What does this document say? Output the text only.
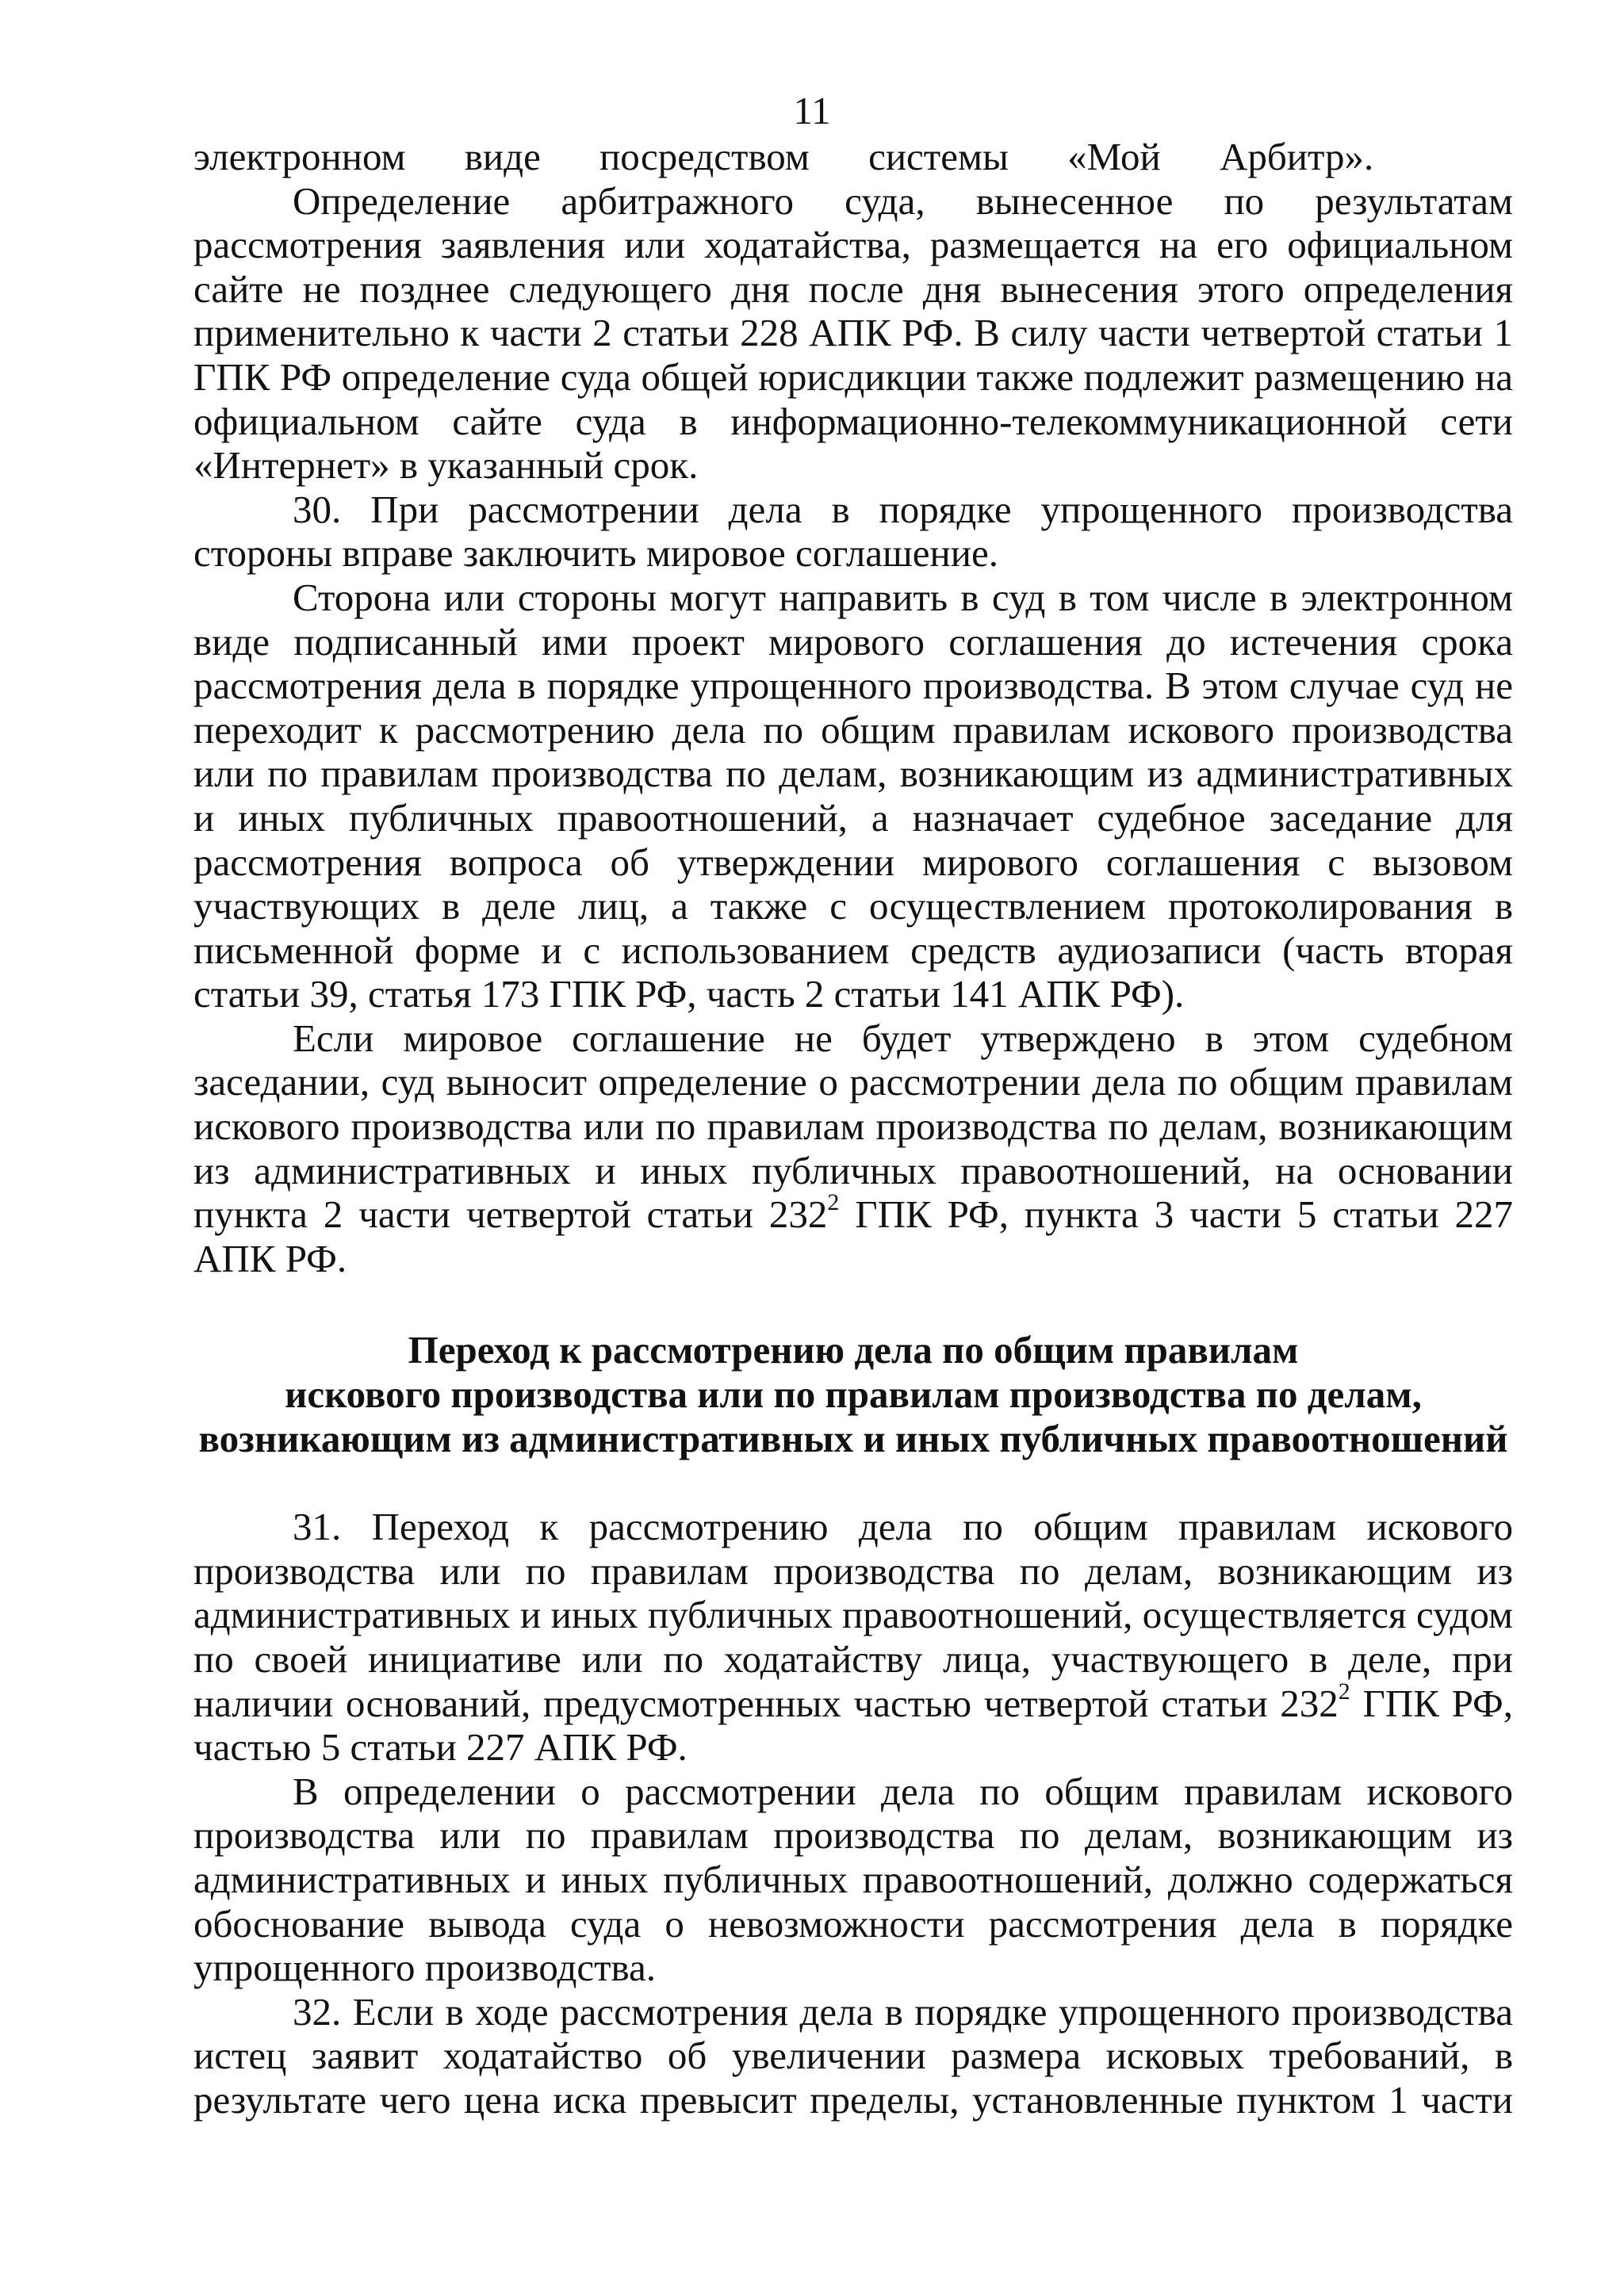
11

электронном виде посредством системы «Мой Арбитр».

Определение арбитражного суда, вынесенное по результатам рассмотрения заявления или ходатайства, размещается на его официальном сайте не позднее следующего дня после дня вынесения этого определения применительно к части 2 статьи 228 АПК РФ. В силу части четвертой статьи 1 ГПК РФ определение суда общей юрисдикции также подлежит размещению на официальном сайте суда в информационно-телекоммуникационной сети «Интернет» в указанный срок.

30. При рассмотрении дела в порядке упрощенного производства стороны вправе заключить мировое соглашение.

Сторона или стороны могут направить в суд в том числе в электронном виде подписанный ими проект мирового соглашения до истечения срока рассмотрения дела в порядке упрощенного производства. В этом случае суд не переходит к рассмотрению дела по общим правилам искового производства или по правилам производства по делам, возникающим из административных и иных публичных правоотношений, а назначает судебное заседание для рассмотрения вопроса об утверждении мирового соглашения с вызовом участвующих в деле лиц, а также с осуществлением протоколирования в письменной форме и с использованием средств аудиозаписи (часть вторая статьи 39, статья 173 ГПК РФ, часть 2 статьи 141 АПК РФ).

Если мировое соглашение не будет утверждено в этом судебном заседании, суд выносит определение о рассмотрении дела по общим правилам искового производства или по правилам производства по делам, возникающим из административных и иных публичных правоотношений, на основании пункта 2 части четвертой статьи $232^2$ ГПК РФ, пункта 3 части 5 статьи 227 АПК РФ.

Переход к рассмотрению дела по общим правилам
искового производства или по правилам производства по делам,
возникающим из административных и иных публичных правоотношений

31. Переход к рассмотрению дела по общим правилам искового производства или по правилам производства по делам, возникающим из административных и иных публичных правоотношений, осуществляется судом по своей инициативе или по ходатайству лица, участвующего в деле, при наличии оснований, предусмотренных частью четвертой статьи $232^2$ ГПК РФ, частью 5 статьи 227 АПК РФ.

В определении о рассмотрении дела по общим правилам искового производства или по правилам производства по делам, возникающим из административных и иных публичных правоотношений, должно содержаться обоснование вывода суда о невозможности рассмотрения дела в порядке упрощенного производства.

32. Если в ходе рассмотрения дела в порядке упрощенного производства истец заявит ходатайство об увеличении размера исковых требований, в результате чего цена иска превысит пределы, установленные пунктом 1 части
